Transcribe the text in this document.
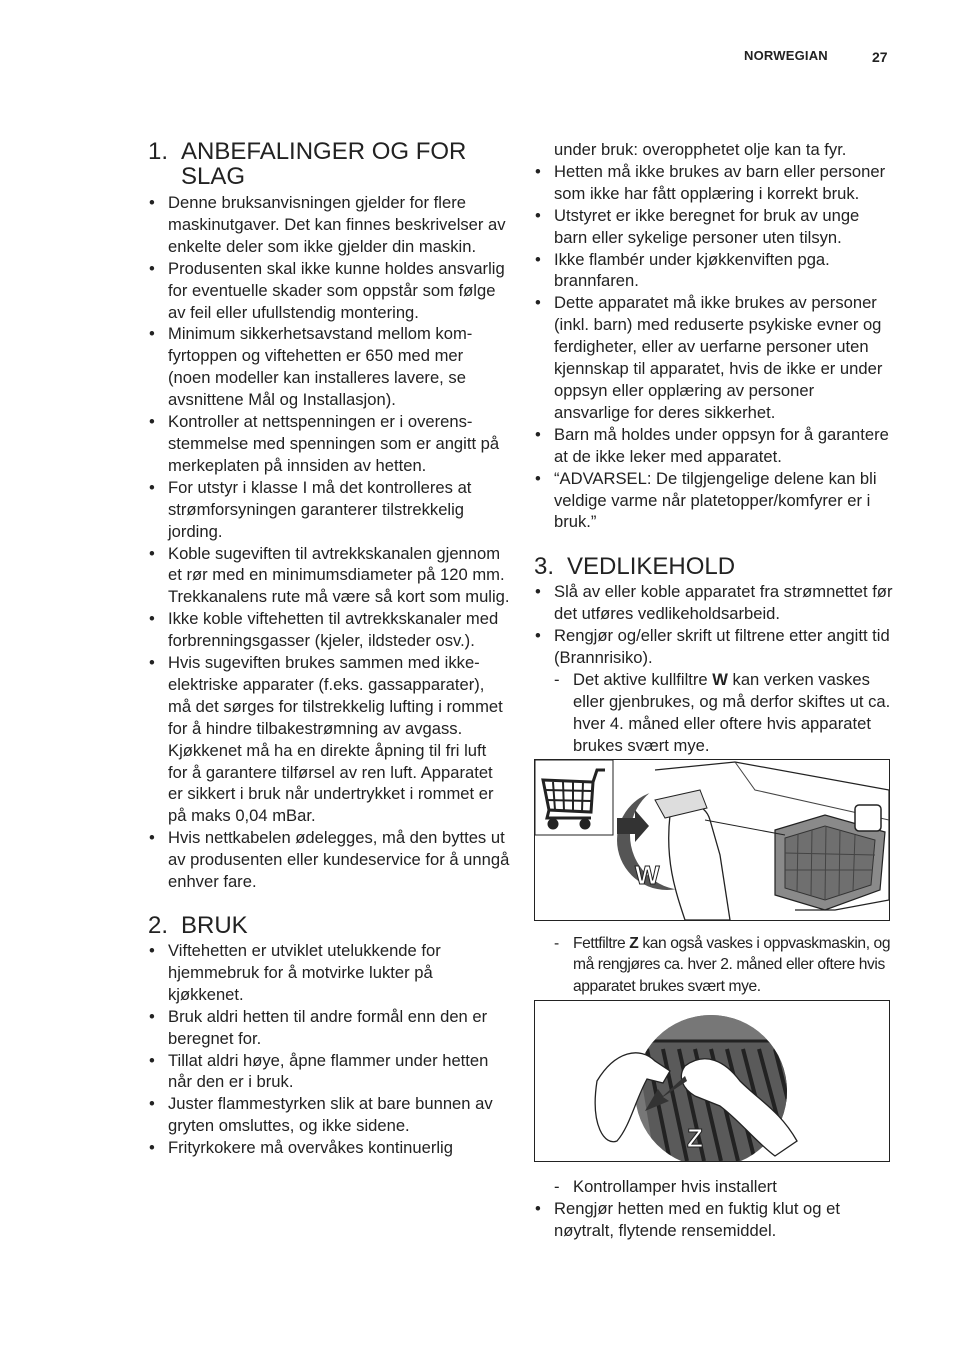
NORWEGIAN	27
1. ANBEFALINGER OG FOR SLAG
• Denne bruksanvisningen gjelder for flere maskinutgaver. Det kan finnes beskrivelser av enkelte deler som ikke gjelder din maskin.
• Produsenten skal ikke kunne holdes ansvarlig for eventuelle skader som oppstår som følge av feil eller ufullstendig montering.
• Minimum sikkerhetsavstand mellom komfyrtoppen og viftehetten er 650 med mer (noen modeller kan installeres lavere, se avsnittene Mål og Installasjon).
• Kontroller at nettspenningen er i overensstemmelse med spenningen som er angitt på merkeplaten på innsiden av hetten.
• For utstyr i klasse I må det kontrolleres at strømforsyningen garanterer tilstrekkelig jording.
• Koble sugeviften til avtrekkskanalen gjennom et rør med en minimumsdiameter på 120 mm. Trekkanalens rute må være så kort som mulig.
• Ikke koble viftehetten til avtrekkskanaler med forbrenningsgasser (kjeler, ildsteder osv.).
• Hvis sugeviften brukes sammen med ikke-elektriske apparater (f.eks. gassapparater), må det sørges for tilstrekkelig lufting i rommet for å hindre tilbakestrømning av avgass. Kjøkkenet må ha en direkte åpning til fri luft for å garantere tilførsel av ren luft. Apparatet er sikkert i bruk når undertrykket i rommet er på maks 0,04 mBar.
• Hvis nettkabelen ødelegges, må den byttes ut av produsenten eller kundeservice for å unngå enhver fare.
2. BRUK
• Viftehetten er utviklet utelukkende for hjemmebruk for å motvirke lukter på kjøkkenet.
• Bruk aldri hetten til andre formål enn den er beregnet for.
• Tillat aldri høye, åpne flammer under hetten når den er i bruk.
• Juster flammestyrken slik at bare bunnen av gryten omsluttes, og ikke sidene.
• Frityrkokere må overvåkes kontinuerlig
under bruk: overopphetet olje kan ta fyr.
• Hetten må ikke brukes av barn eller personer som ikke har fått opplæring i korrekt bruk.
• Utstyret er ikke beregnet for bruk av unge barn eller sykelige personer uten tilsyn.
• Ikke flambér under kjøkkenviften pga. brannfaren.
• Dette apparatet må ikke brukes av personer (inkl. barn) med reduserte psykiske evner og ferdigheter, eller av uerfarne personer uten kjennskap til apparatet, hvis de ikke er under oppsyn eller opplæring av personer ansvarlige for deres sikkerhet.
• Barn må holdes under oppsyn for å garantere at de ikke leker med apparatet.
• “ADVARSEL: De tilgjengelige delene kan bli veldige varme når platetopper/komfyrer er i bruk.”
3. VEDLIKEHOLD
• Slå av eller koble apparatet fra strømnettet før det utføres vedlikeholdsarbeid.
• Rengjør og/eller skrift ut filtrene etter angitt tid (Brannrisiko).
- Det aktive kullfiltre W kan verken vaskes eller gjenbrukes, og må derfor skiftes ut ca. hver 4. måned eller oftere hvis apparatet brukes svært mye.
W
- Fettfiltre Z kan også vaskes i oppvaskmaskin, og må rengjøres ca. hver 2. måned eller oftere hvis apparatet brukes svært mye.
Z
- Kontrollamper hvis installert
• Rengjør hetten med en fuktig klut og et nøytralt, flytende rensemiddel.
